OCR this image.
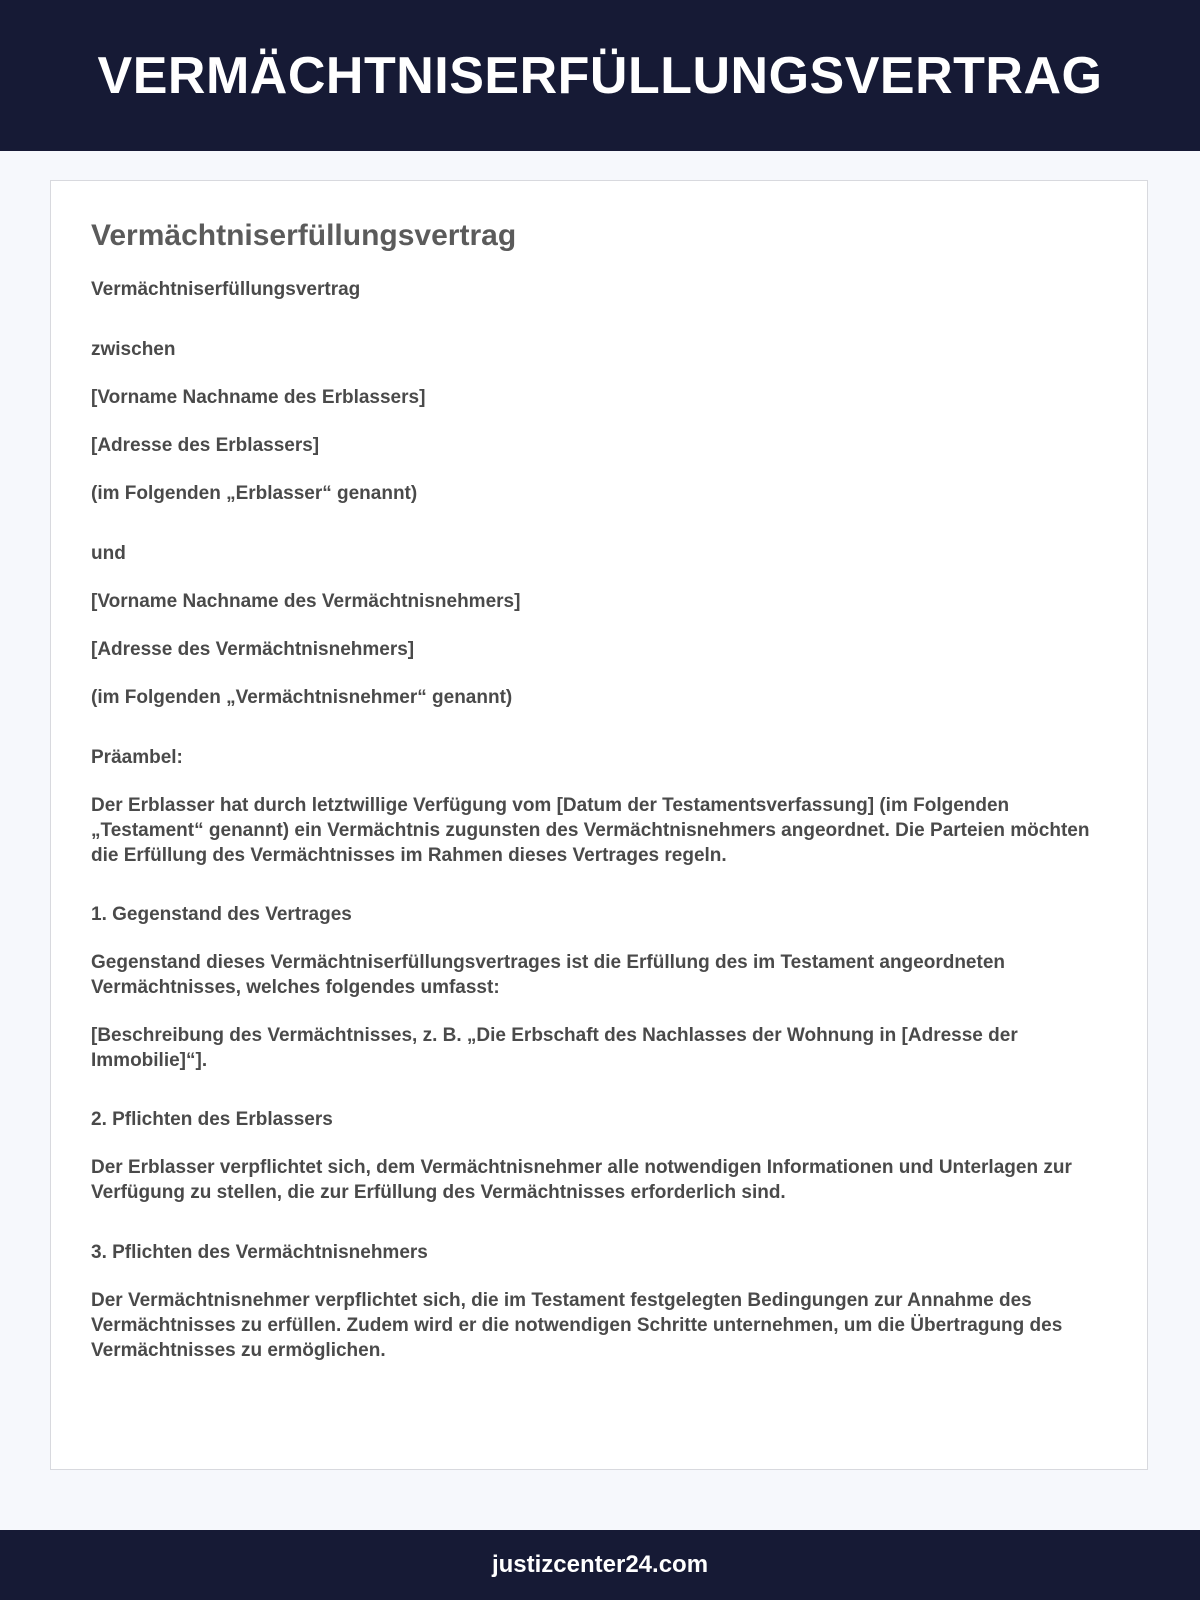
VERMÄCHTNISERFÜLLUNGSVERTRAG
Vermächtniserfüllungsvertrag

Vermächtniserfüllungsvertrag

zwischen

[Vorname Nachname des Erblassers]

[Adresse des Erblassers]

(im Folgenden „Erblasser“ genannt)

und

[Vorname Nachname des Vermächtnisnehmers]

[Adresse des Vermächtnisnehmers]

(im Folgenden „Vermächtnisnehmer“ genannt)

Präambel:

Der Erblasser hat durch letztwillige Verfügung vom [Datum der Testamentsverfassung] (im Folgenden „Testament“ genannt) ein Vermächtnis zugunsten des Vermächtnisnehmers angeordnet. Die Parteien möchten die Erfüllung des Vermächtnisses im Rahmen dieses Vertrages regeln.

1. Gegenstand des Vertrages

Gegenstand dieses Vermächtniserfüllungsvertrages ist die Erfüllung des im Testament angeordneten Vermächtnisses, welches folgendes umfasst:

[Beschreibung des Vermächtnisses, z. B. „Die Erbschaft des Nachlasses der Wohnung in [Adresse der Immobilie]“].

2. Pflichten des Erblassers

Der Erblasser verpflichtet sich, dem Vermächtnisnehmer alle notwendigen Informationen und Unterlagen zur Verfügung zu stellen, die zur Erfüllung des Vermächtnisses erforderlich sind.

3. Pflichten des Vermächtnisnehmers

Der Vermächtnisnehmer verpflichtet sich, die im Testament festgelegten Bedingungen zur Annahme des Vermächtnisses zu erfüllen. Zudem wird er die notwendigen Schritte unternehmen, um die Übertragung des Vermächtnisses zu ermöglichen.

justizcenter24.com
